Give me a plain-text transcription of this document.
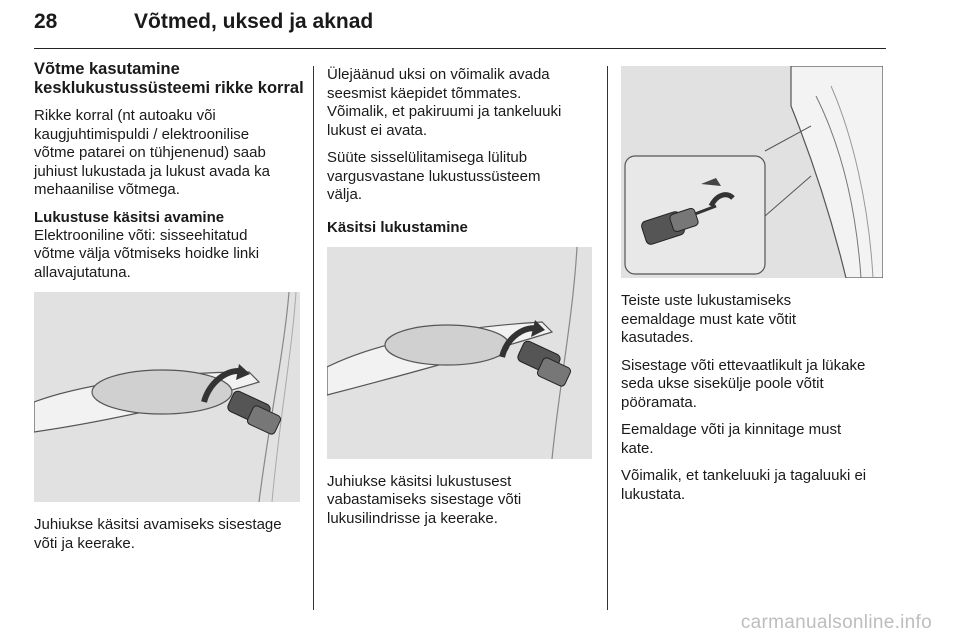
28	Võtmed, uksed ja aknad
Võtme kasutamine
kesklukustussüsteemi rikke korral

Rikke korral (nt autoaku või
kaugjuhtimispuldi / elektroonilise
võtme patarei on tühjenenud) saab
juhiust lukustada ja lukust avada ka
mehaanilise võtmega.

Lukustuse käsitsi avamine

Elektrooniline võti: sisseehitatud
võtme välja võtmiseks hoidke linki
allavajutatuna.

Juhiukse käsitsi avamiseks sisestage
võti ja keerake.

Ülejäänud uksi on võimalik avada
seesmist käepidet tõmmates.
Võimalik, et pakiruumi ja tankeluuki
lukust ei avata.

Süüte sisselülitamisega lülitub
vargusvastane lukustussüsteem
välja.

Käsitsi lukustamine

Juhiukse käsitsi lukustusest
vabastamiseks sisestage võti
lukusilindrisse ja keerake.

Teiste uste lukustamiseks
eemaldage must kate võtit
kasutades.

Sisestage võti ettevaatlikult ja lükake
seda ukse sisekülje poole võtit
pööramata.

Eemaldage võti ja kinnitage must
kate.

Võimalik, et tankeluuki ja tagaluuki ei
lukustata.

carmanualsonline.info
